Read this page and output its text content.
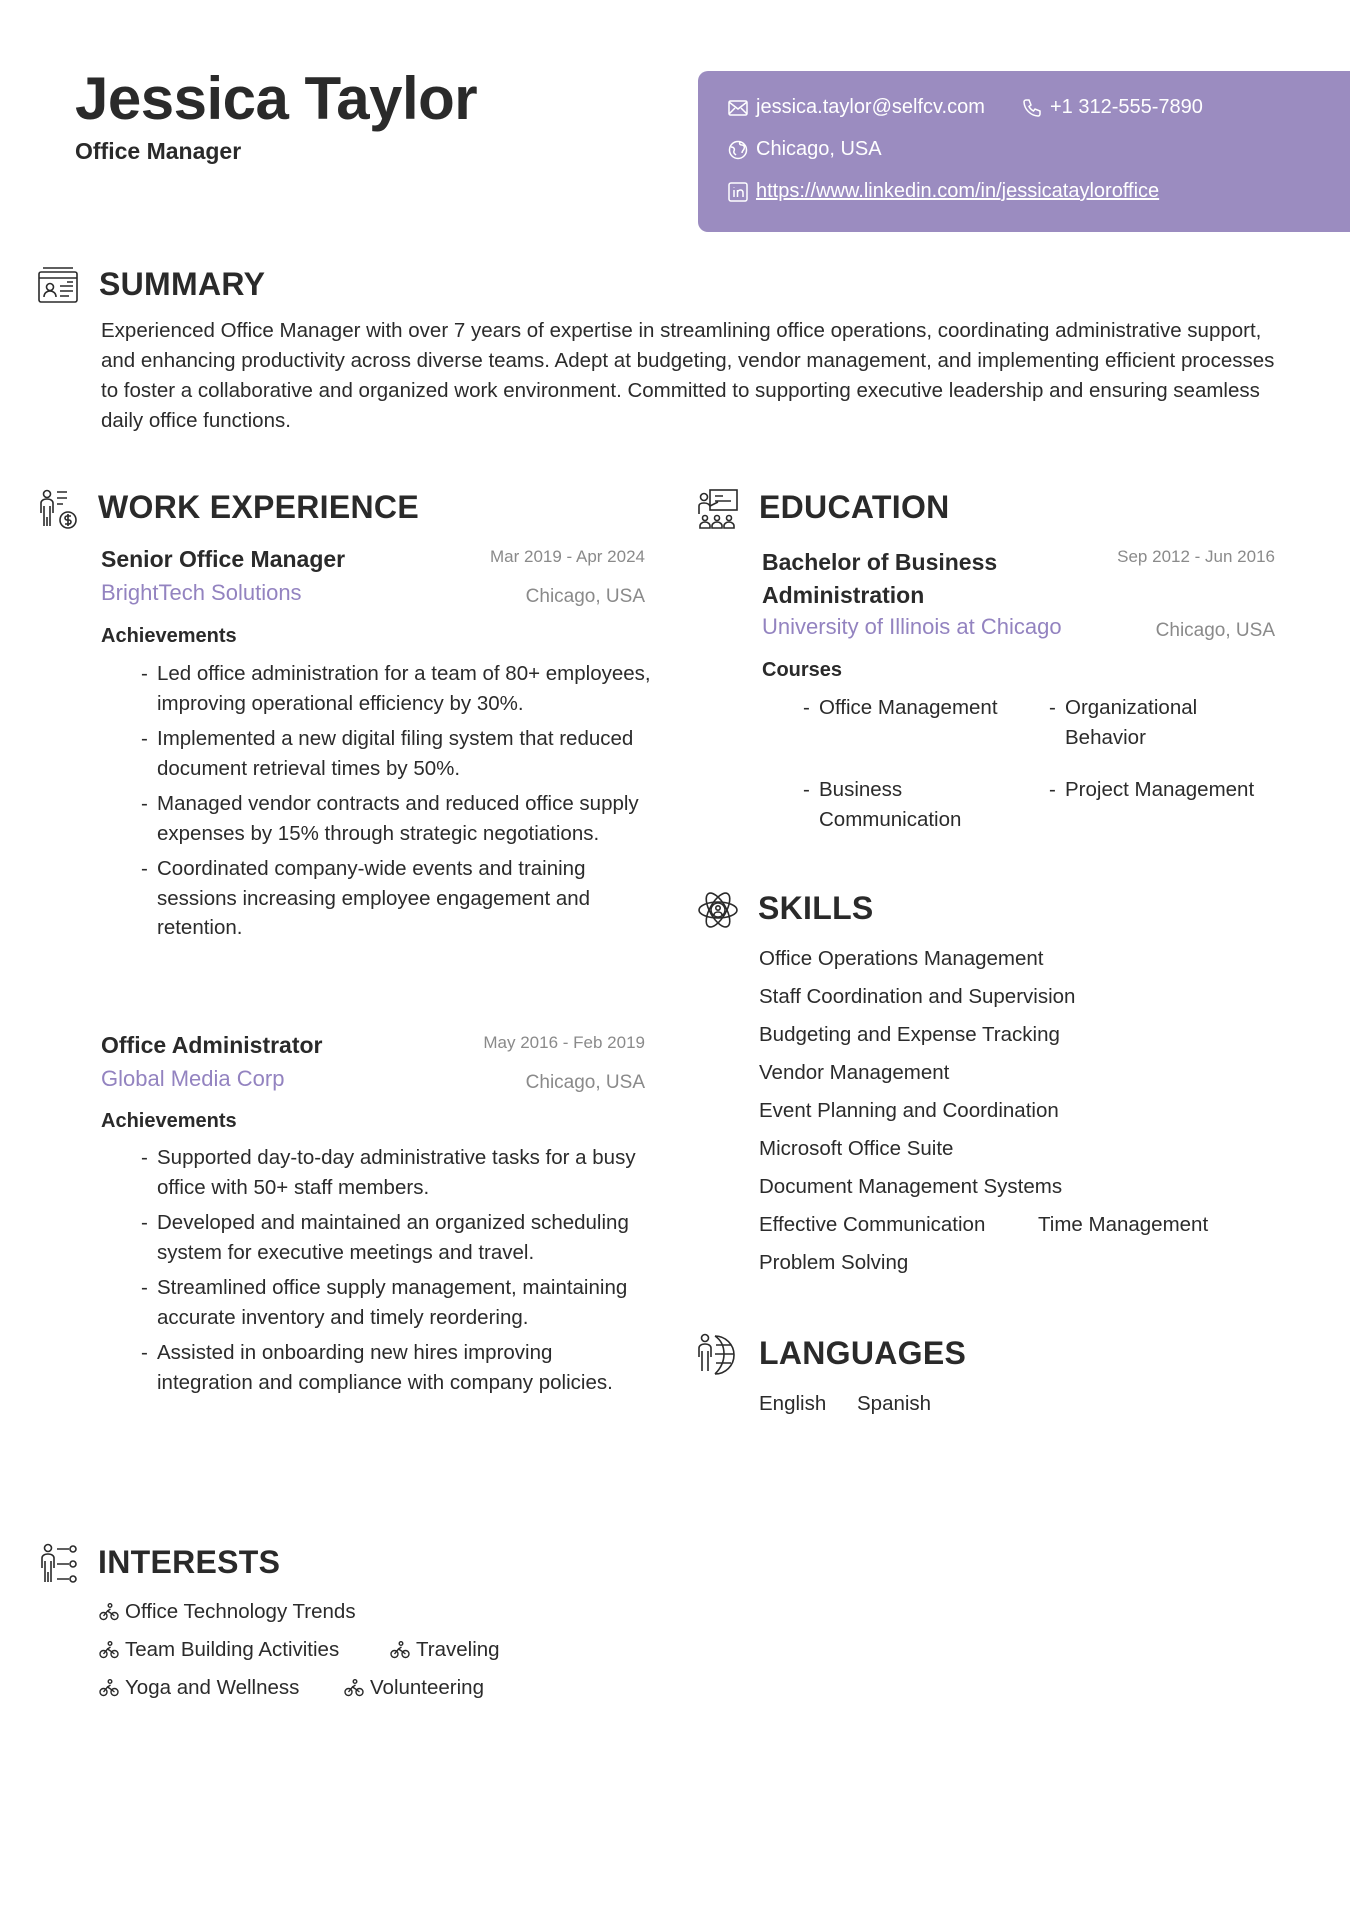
Jessica Taylor
Office Manager
jessica.taylor@selfcv.com	+1 312-555-7890
Chicago, USA
https://www.linkedin.com/in/jessicatayloroffice
SUMMARY
Experienced Office Manager with over 7 years of expertise in streamlining office operations, coordinating administrative support, and enhancing productivity across diverse teams. Adept at budgeting, vendor management, and implementing efficient processes to foster a collaborative and organized work environment. Committed to supporting executive leadership and ensuring seamless daily office functions.
WORK EXPERIENCE
Senior Office Manager	Mar 2019 - Apr 2024
BrightTech Solutions	Chicago, USA
Achievements
- Led office administration for a team of 80+ employees, improving operational efficiency by 30%.
- Implemented a new digital filing system that reduced document retrieval times by 50%.
- Managed vendor contracts and reduced office supply expenses by 15% through strategic negotiations.
- Coordinated company-wide events and training sessions increasing employee engagement and retention.
Office Administrator	May 2016 - Feb 2019
Global Media Corp	Chicago, USA
Achievements
- Supported day-to-day administrative tasks for a busy office with 50+ staff members.
- Developed and maintained an organized scheduling system for executive meetings and travel.
- Streamlined office supply management, maintaining accurate inventory and timely reordering.
- Assisted in onboarding new hires improving integration and compliance with company policies.
EDUCATION
Bachelor of Business Administration
Sep 2012 - Jun 2016
University of Illinois at Chicago	Chicago, USA
Courses
- Office Management
-	Organizational Behavior
- Business Communication
- Project Management
SKILLS
Office Operations Management
Staff Coordination and Supervision
Budgeting and Expense Tracking
Vendor Management
Event Planning and Coordination
Microsoft Office Suite
Document Management Systems
Effective Communication	Time Management
Problem Solving
LANGUAGES
English Spanish
INTERESTS
Office Technology Trends
Team Building Activities	Traveling
Yoga and Wellness	Volunteering
